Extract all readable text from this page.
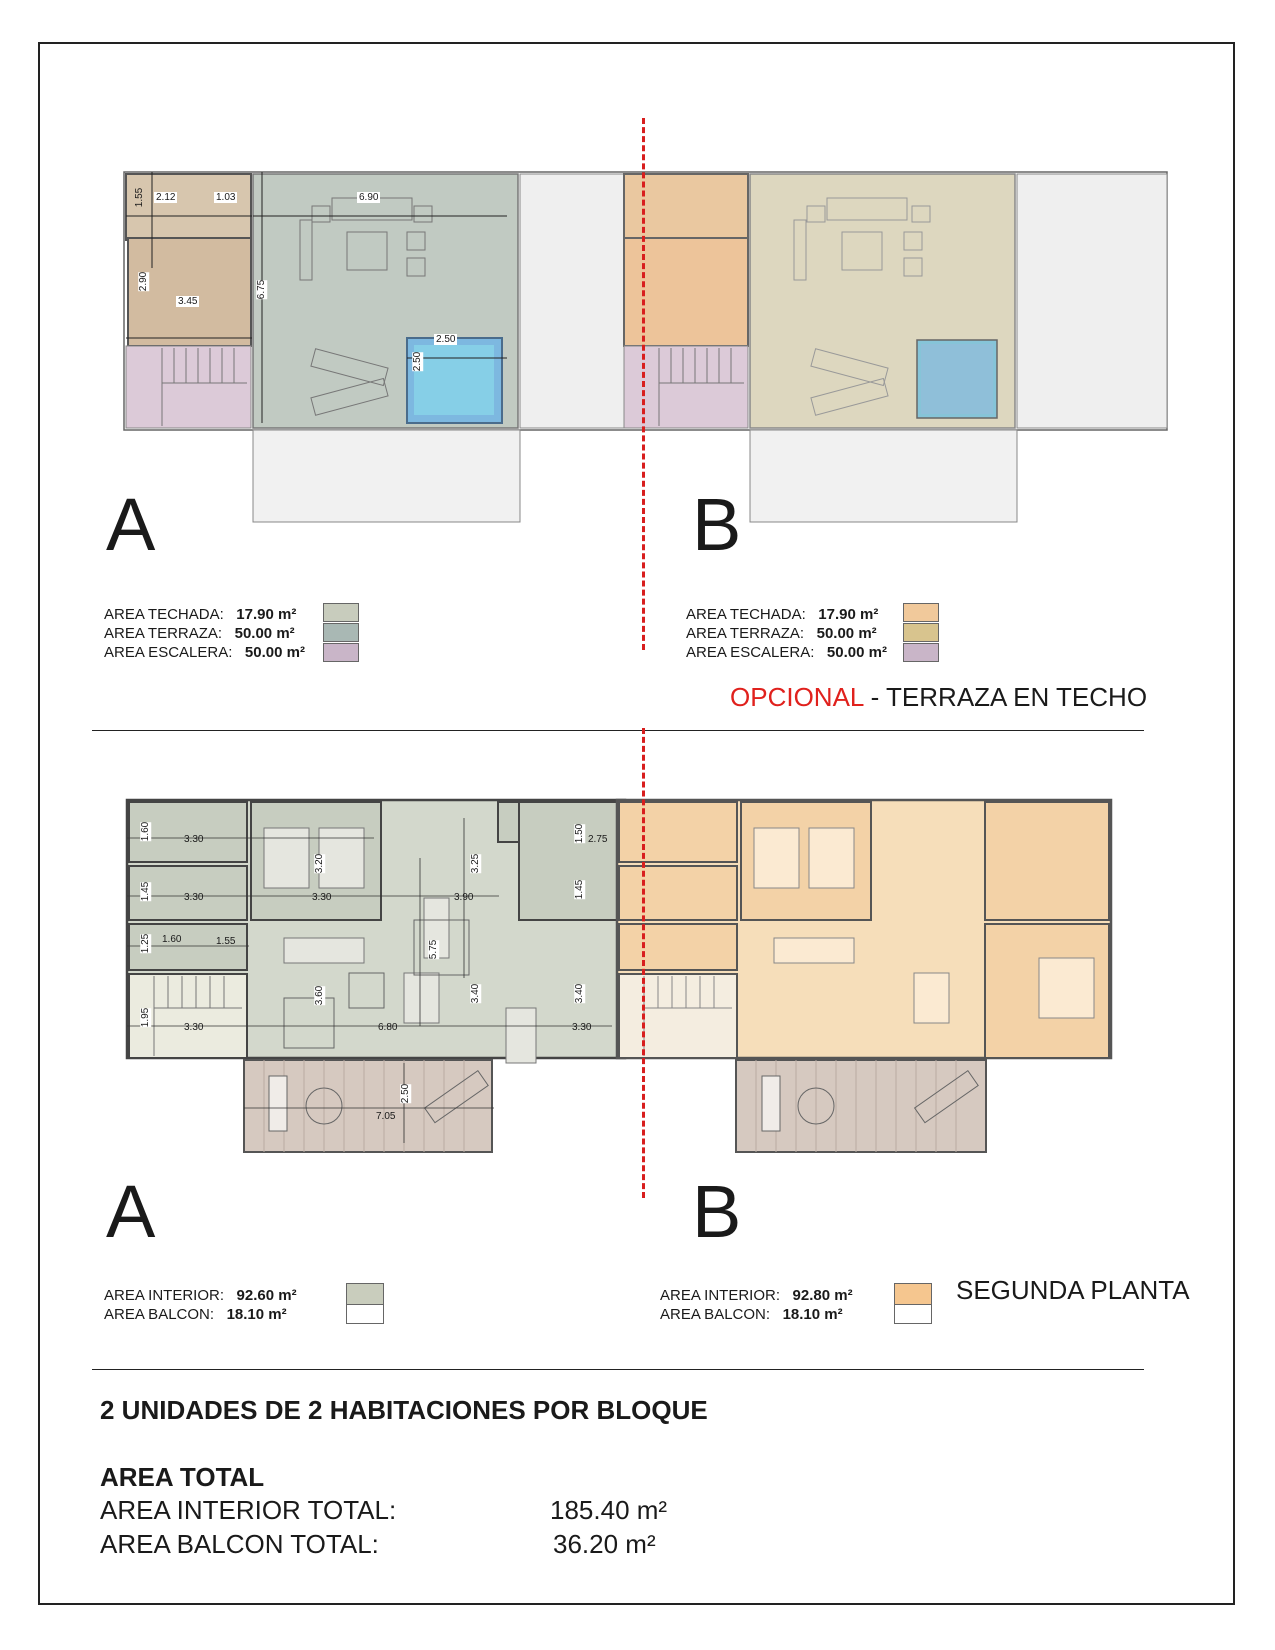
1.55 2.12	1.03	6.90
2.90
3.45
6.75
2.50
2.50
A	B
AREA TECHADA: 17.90 m²
AREA TERRAZA: 50.00 m²
AREA ESCALERA: 50.00 m²
AREA TECHADA: 17.90 m²
AREA TERRAZA: 50.00 m²
AREA ESCALERA: 50.00 m²
OPCIONAL - TERRAZA EN TECHO
1.60	3.30
1.45	3.30	3.30
3.20	3.25
3.90
1.50 2.75
1.45
1.25 1.60	1.55	5.75
3.60	3.40	3.40
1.95
3.30	6.80	3.30
7.05
2.50
A	B
AREA INTERIOR: 92.60 m²
AREA BALCON: 18.10 m²
AREA INTERIOR: 92.80 m²
AREA BALCON: 18.10 m²
SEGUNDA PLANTA
2 UNIDADES DE 2 HABITACIONES POR BLOQUE
AREA TOTAL
AREA INTERIOR TOTAL:	185.40 m²
AREA BALCON TOTAL:	36.20 m²
